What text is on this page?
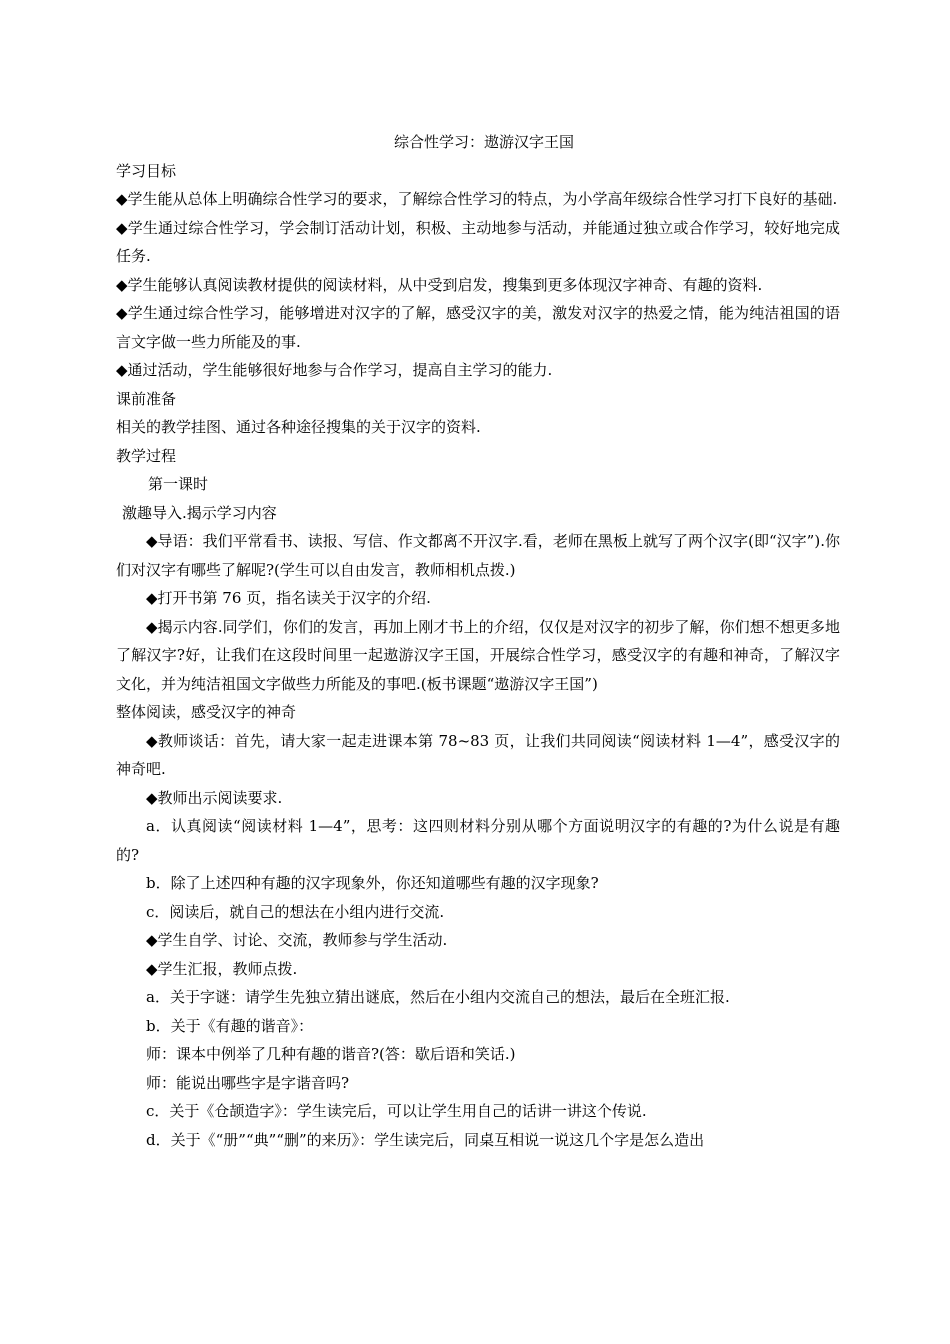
综合性学习：遨游汉字王国

学习目标

◆学生能从总体上明确综合性学习的要求，了解综合性学习的特点，为小学高年级综合性学习打下良好的基础.

◆学生通过综合性学习，学会制订活动计划，积极、主动地参与活动，并能通过独立或合作学习，较好地完成任务.

◆学生能够认真阅读教材提供的阅读材料，从中受到启发，搜集到更多体现汉字神奇、有趣的资料.

◆学生通过综合性学习，能够增进对汉字的了解，感受汉字的美，激发对汉字的热爱之情，能为纯洁祖国的语言文字做一些力所能及的事.

◆通过活动，学生能够很好地参与合作学习，提高自主学习的能力.

课前准备

相关的教学挂图、通过各种途径搜集的关于汉字的资料.

教学过程

第一课时

激趣导入.揭示学习内容

◆导语：我们平常看书、读报、写信、作文都离不开汉字.看，老师在黑板上就写了两个汉字(即“汉字”).你们对汉字有哪些了解呢?(学生可以自由发言，教师相机点拨.)

◆打开书第 76 页，指名读关于汉字的介绍.

◆揭示内容.同学们，你们的发言，再加上刚才书上的介绍，仅仅是对汉字的初步了解，你们想不想更多地了解汉字?好，让我们在这段时间里一起遨游汉字王国，开展综合性学习，感受汉字的有趣和神奇，了解汉字文化，并为纯洁祖国文字做些力所能及的事吧.(板书课题“遨游汉字王国”)

整体阅读，感受汉字的神奇

◆教师谈话：首先，请大家一起走进课本第 78~83 页，让我们共同阅读“阅读材料 1—4”，感受汉字的神奇吧.

◆教师出示阅读要求.

a．认真阅读“阅读材料 1—4”，思考：这四则材料分别从哪个方面说明汉字的有趣的?为什么说是有趣的?

b．除了上述四种有趣的汉字现象外，你还知道哪些有趣的汉字现象?

c．阅读后，就自己的想法在小组内进行交流.

◆学生自学、讨论、交流，教师参与学生活动.

◆学生汇报，教师点拨.

a．关于字谜：请学生先独立猜出谜底，然后在小组内交流自己的想法，最后在全班汇报.

b．关于《有趣的谐音》：

师：课本中例举了几种有趣的谐音?(答：歇后语和笑话.)

师：能说出哪些字是字谐音吗?

c．关于《仓颉造字》：学生读完后，可以让学生用自己的话讲一讲这个传说.

d．关于《“册”“典”“删”的来历》：学生读完后，同桌互相说一说这几个字是怎么造出
